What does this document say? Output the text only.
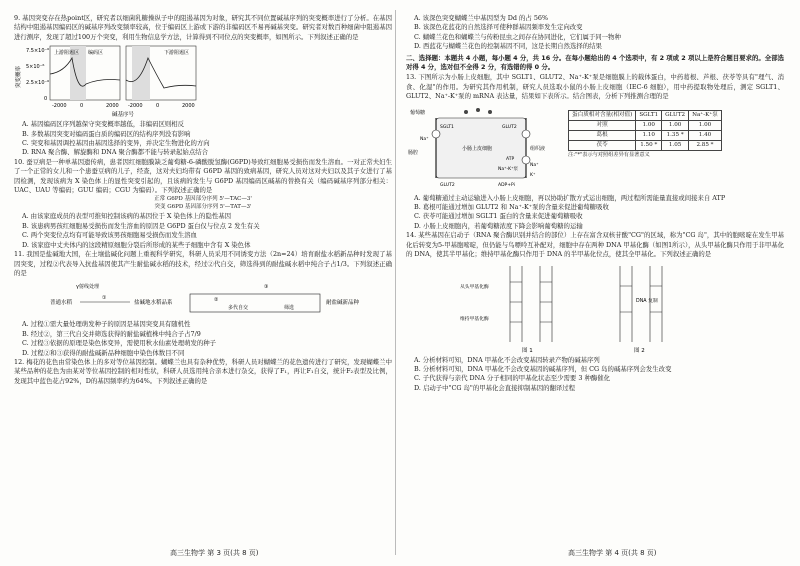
9. 基因突变存在热point区，研究者以细菌乳糖操纵子中的阻遏基因为对象，研究其不同位置碱基序列的突变概率进行了分析。在基因结构中阻遏基因编码区的碱基序列改变频率较高，位于编码区上游或下游的非编码区不易再碱基突变。研究者对数百种细菌中阻遏基因进行测序，发现了超过100万个突变，利用生物信息学方法，计算得到不同位点的突变概率，如图所示。下列叙述正确的是

突变概率
7.5×10⁻⁶
5×10⁻⁶
2.5×10⁻⁶
0
上游阻遏区 编码区	下游阻遏区
-2000	0	2000 -2000	0	2000
碱基序号

A. 基因编码区序列越保守突变概率越低，非编码区则相反

B. 多数基因突变对编码蛋白质的编码区的结构序列没有影响

C. 突变和基因调控基因由基因选择的变异，并决定生物进化的方向

D. RNA 聚合酶、解旋酶和 DNA 聚合酶都不能与转录起始点结合

10. 蚕豆病是一种单基因遗传病，患者因红细胞膜缺乏葡萄糖-6-磷酸脱氢酶(G6PD)导致红细胞易受损伤而发生溶血。一对正常夫妇生了一个正常的女儿和一个患蚕豆病的儿子，经查，这对夫妇均带有 G6PD 基因的致病基因，研究人员对这对夫妇以及其子女进行了基因检测，发现该病为 X 染色体上的显性突变引起的，且该病的发生与 G6PD 基因编码区碱基的替换有关（编码碱基序列部分相关：UAC、UAU 等编码；GUU 编码；CGU 为编码）。下列叙述正确的是

正常 G6PD 基因部分序列 5'—TAC—3'

突变 G6PD 基因部分序列 5'—TAT—3'

A. 由该家庭成员的表型可推知控制该病的基因位于 X 染色体上的隐性基因

B. 该患病男孩红细胞易受损伤而发生溶血的原因是 G6PD 蛋白仅与位点 2 发生有关

C. 两个突变位点均有可能导致该男孩细胞易受损伤而发生溶血

D. 该家庭中丈夫体内的这段精原细胞分裂后所形成的某些子细胞中含有 X 染色体

11. 我国是盐碱地大国，在土壤盐碱化问题上重视科学研究，科研人员采用不同诱变方法（2n=24）培育耐盐水稻新品种时发现了基因突变，过程②代表导入抗盐基因使其产生耐盐碱水稻的技术，经过②代自交，筛选得到的耐盐碱水稻中纯合子占1/3。下列叙述正确的是

γ射线处理
普通水稻
①
盐碱地水稻品系	②
多代自交
③
筛选
耐盐碱新品种

A. 过程①需大量处理萌发种子的原因是基因突变具有随机性

B. 经过②，第三代自交并筛选获得的耐盐碱植株中纯合子占7/9

C. 过程③依据的原理是染色体变异，需使用秋水仙素处理萌发的种子

D. 过程②和③获得的耐盐碱新品种细胞中染色体数目不同

12. 梅花的花色由常染色体上的多对等位基因控制。蝴蝶兰也具有杂种优势，科研人员对蝴蝶兰的花色遗传进行了研究，发现蝴蝶兰中某些品种的花色为由某对等位基因控制的相对性状，科研人员选用纯合亲本进行杂交，获得了F₁，再让F₁自交，统计F₂表型及比例，发现其中蓝色花占92%，D的基因频率约为64%。下列叙述正确的是

A. 该深色突变蝴蝶兰中基因型为 Dd 的占 56%

B. 该深色花蓝花的自然选择可使种群基因频率发生定向改变

C. 蝴蝶兰花色和蝴蝶兰与传粉昆虫之间存在协同进化，它们属于同一物种

D. 西蓝花与蝴蝶兰花色的控制基因不同，这是长期自然选择的结果

二、选择题：本题共 4 小题，每小题 4 分，共 16 分。在每小题给出的 4 个选项中，有 2 项或 2 项以上是符合题目要求的。全部选对得 4 分，选对但不全得 2 分，有选错的得 0 分。

13. 下图所示为小肠上皮细胞，其中 SGLT1、GLUT2、Na⁺-K⁺泵是细胞膜上的载体蛋白，中药葛根、芦根、茯苓等具有"理气、消食、化湿"的作用。为研究其作用机制，研究人员选取小鼠的小肠上皮细胞（IEC-6 细胞），用中药提取物处理后，测定 SGLT1、GLUT2、Na⁺-K⁺泵的 mRNA 表达量，结果如下表所示。结合图表，分析下列推测合理的是

葡萄糖
肠腔
小肠上皮细胞	组织液
SGLT1	GLUT2
Na⁺-K⁺泵
GLUT2
Na⁺
K⁺
Na⁺
ATP
ADP+Pi
蛋白质相对含量(相对值)	SGLT1	GLUT2	Na⁺-K⁺泵
对照	1.00	1.00	1.00
葛根	1.10	1.35 *	1.40
茯苓	1.50 *	1.05	2.85 *
注:"*"表示与对照组差异有显著意义

A. 葡萄糖通过主动运输进入小肠上皮细胞，再以协助扩散方式运出细胞，两过程所需能量直接或间接来自 ATP

B. 葛根可能通过增加 GLUT2 和 Na⁺-K⁺泵的含量来促进葡萄糖吸收

C. 茯苓可能通过增加 SGLT1 蛋白的含量来促进葡萄糖吸收

D. 小肠上皮细胞内，若葡萄糖浓度下降会影响葡萄糖的运输

14. 某些基因在启动子（RNA 聚合酶识别并结合的部位）上存在富含双核苷酸"CG"的区域，称为"CG 岛"，其中的胞嘧啶在发生甲基化后转变为5-甲基胞嘧啶，但仍能与鸟嘌呤互补配对，细胞中存在两种 DNA 甲基化酶（如图1所示），从头甲基化酶只作用于非甲基化的 DNA，使其半甲基化；维持甲基化酶只作用于 DNA 的半甲基化位点，使其全甲基化。下列叙述正确的是

从头甲基化酶
维持甲基化酶
图 1
DNA 复制
图 2

A. 分析材料可知，DNA 甲基化不会改变基因转录产物的碱基序列

B. 分析材料可知，DNA 甲基化不会改变基因的碱基序列，但 CG 岛的碱基序列会发生改变

C. 子代获得与亲代 DNA 分子相同的甲基化状态至少需要 3 种酶催化

D. 启动子中"CG 岛"的甲基化会直接抑制基因的翻译过程

高三生物学 第 3 页(共 8 页)	高三生物学 第 4 页(共 8 页)
